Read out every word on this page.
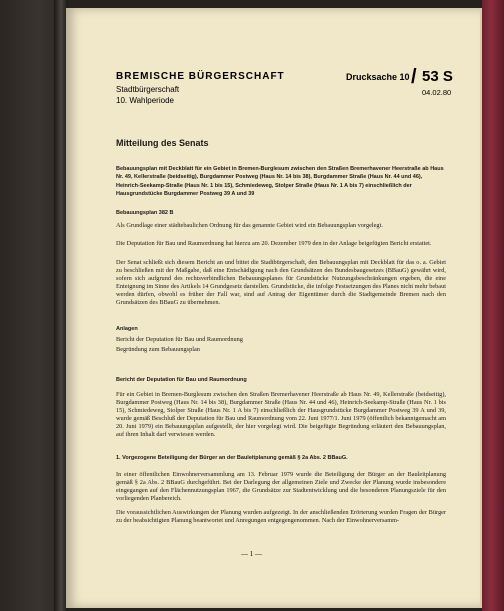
BREMISCHE BÜRGERSCHAFT
Stadtbürgerschaft
10. Wahlperiode
Drucksache 10 / 53 S
04.02.80
Mitteilung des Senats
Bebauungsplan mit Deckblatt für ein Gebiet in Bremen-Burglesum zwischen den Straßen Bremerhavener Heerstraße ab Haus Nr. 49, Kellerstraße (beidseitig), Burgdammer Postweg (Haus Nr. 14 bis 38), Burgdammer Straße (Haus Nr. 44 und 46), Heinrich-Seekamp-Straße (Haus Nr. 1 bis 15), Schmiedeweg, Stolper Straße (Haus Nr. 1 A bis 7) einschließlich der Hausgrundstücke Burgdammer Postweg 39 A und 39
Bebauungsplan 382 B

Als Grundlage einer städtebaulichen Ordnung für das genannte Gebiet wird ein Bebauungsplan vorgelegt.

Die Deputation für Bau und Raumordnung hat hierzu am 20. Dezember 1979 den in der Anlage beigefügten Bericht erstattet.

Der Senat schließt sich diesem Bericht an und bittet die Stadtbürgerschaft, den Bebauungsplan mit Deckblatt für das o. a. Gebiet zu beschließen mit der Maßgabe, daß eine Entschädigung nach den Grundsätzen des Bundesbaugesetzes (BBauG) gewährt wird, sofern sich aufgrund des rechtsverbindlichen Bebauungsplanes für Grundstücke Nutzungsbeschränkungen ergeben, die eine Enteignung im Sinne des Artikels 14 Grundgesetz darstellen. Grundstücke, die infolge Festsetzungen des Planes nicht mehr bebaut werden dürfen, obwohl es früher der Fall war, sind auf Antrag der Eigentümer durch die Stadtgemeinde Bremen nach den Grundsätzen des BBauG zu übernehmen.

Anlagen
Bericht der Deputation für Bau und Raumordnung
Begründung zum Bebauungsplan
Bericht der Deputation für Bau und Raumordnung

Für ein Gebiet in Bremen-Burglesum zwischen den Straßen Bremerhavener Heerstraße ab Haus Nr. 49, Kellerstraße (beidseitig), Burgdammer Postweg (Haus Nr. 14 bis 38), Burgdammer Straße (Haus Nr. 44 und 46), Heinrich-Seekamp-Straße (Haus Nr. 1 bis 15), Schmiedeweg, Stolper Straße (Haus Nr. 1 A bis 7) einschließlich der Hausgrundstücke Burgdammer Postweg 39 A und 39, wurde gemäß Beschluß der Deputation für Bau und Raumordnung vom 22. Juni 1977/1. Juni 1979 (öffentlich bekanntgemacht am 20. Juni 1979) ein Bebauungsplan aufgestellt, der hier vorgelegt wird. Die beigefügte Begründung erläutert den Bebauungsplan, auf ihren Inhalt darf verwiesen werden.

1. Vorgezogene Beteiligung der Bürger an der Bauleitplanung gemäß § 2a Abs. 2 BBauG.

In einer öffentlichen Einwohnerversammlung am 13. Februar 1979 wurde die Beteiligung der Bürger an der Bauleitplanung gemäß § 2a Abs. 2 BBauG durchgeführt. Bei der Darlegung der allgemeinen Ziele und Zwecke der Planung wurde insbesondere eingegangen auf den Flächennutzungsplan 1967, die Grundsätze zur Stadtentwicklung und die besonderen Planungsziele für den vorliegenden Planbereich.

Die voraussichtlichen Auswirkungen der Planung wurden aufgezeigt. In der anschließenden Erörterung wurden Fragen der Bürger zu der beabsichtigten Planung beantwortet und Anregungen entgegengenommen. Nach der Einwohnerversamm-

— 1 —
